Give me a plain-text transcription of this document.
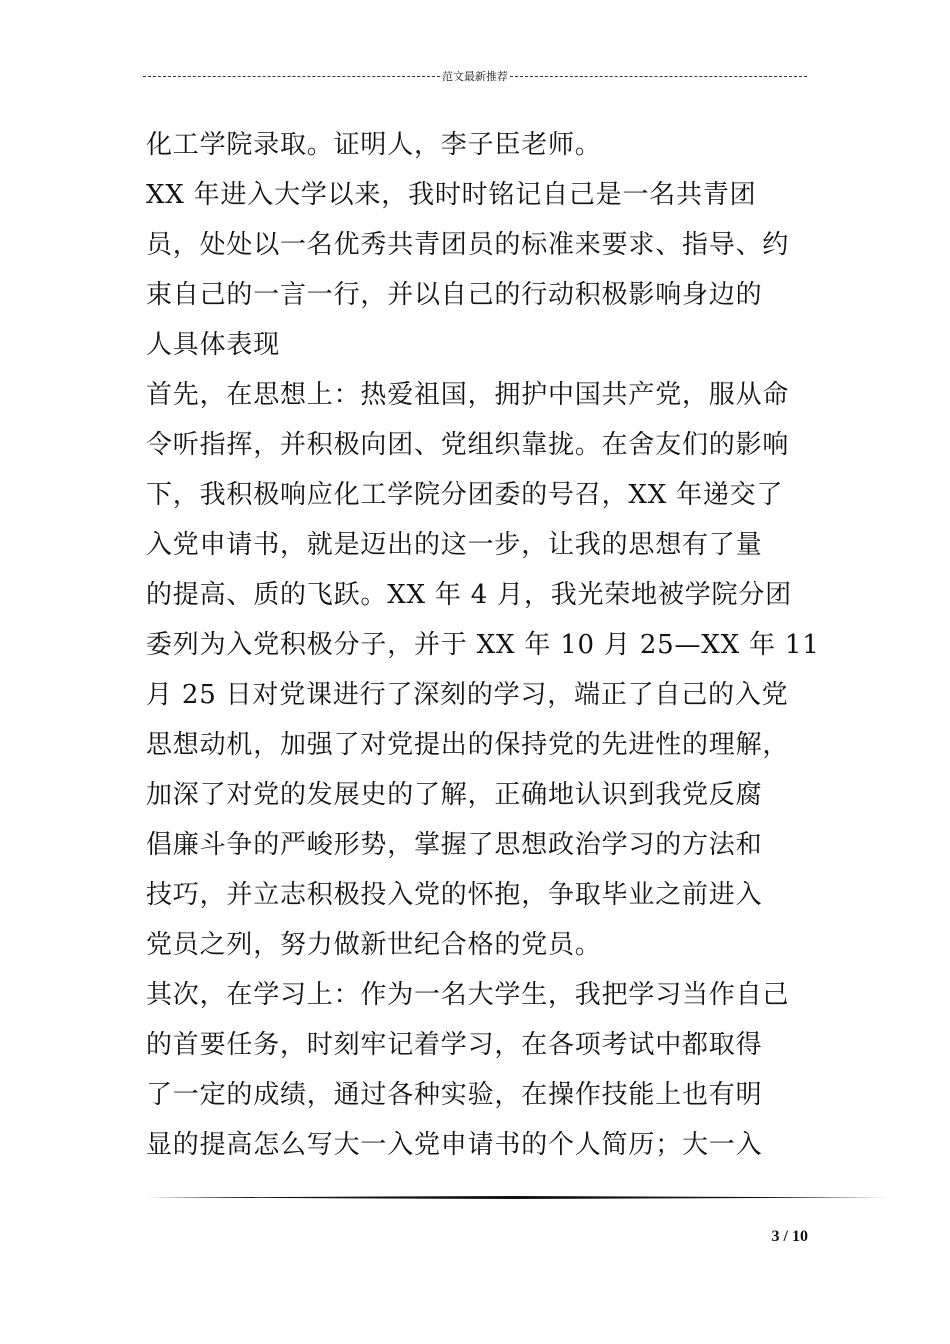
范文最新推荐
化工学院录取。证明人，李子臣老师。
XX 年进入大学以来，我时时铭记自己是一名共青团
员，处处以一名优秀共青团员的标准来要求、指导、约
束自己的一言一行，并以自己的行动积极影响身边的
人具体表现
首先，在思想上：热爱祖国，拥护中国共产党，服从命
令听指挥，并积极向团、党组织靠拢。在舍友们的影响
下，我积极响应化工学院分团委的号召，XX 年递交了
入党申请书，就是迈出的这一步，让我的思想有了量
的提高、质的飞跃。XX 年 4 月，我光荣地被学院分团
委列为入党积极分子，并于 XX 年 10 月 25—XX 年 11
月 25 日对党课进行了深刻的学习，端正了自己的入党
思想动机，加强了对党提出的保持党的先进性的理解，
加深了对党的发展史的了解，正确地认识到我党反腐
倡廉斗争的严峻形势，掌握了思想政治学习的方法和
技巧，并立志积极投入党的怀抱，争取毕业之前进入
党员之列，努力做新世纪合格的党员。
其次，在学习上：作为一名大学生，我把学习当作自己
的首要任务，时刻牢记着学习，在各项考试中都取得
了一定的成绩，通过各种实验，在操作技能上也有明
显的提高怎么写大一入党申请书的个人简历；大一入
3 / 10
